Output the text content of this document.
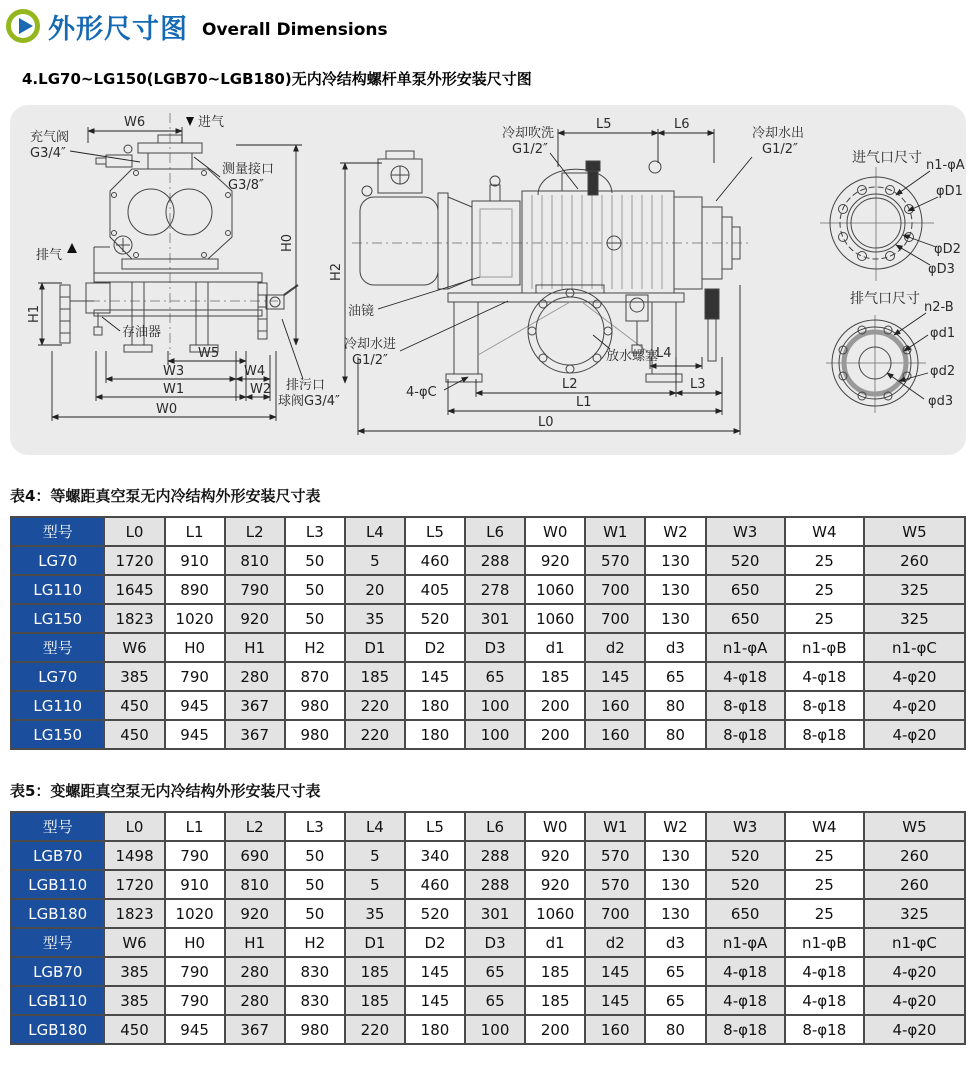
外形尺寸图 Overall Dimensions
4.LG70~LG150(LGB70~LGB180)无内冷结构螺杆单泵外形安装尺寸图
W6	进气
充气阀
G3/4″
测量接口
G3/8″
排气
H0
H1
存油器
W5
W3	W4
W1	W2
W0
排污口
球阀G3/4″
H2
冷却吹洗
G1/2″
L5	L6
冷却水出
G1/2″
油镜
冷却水进
G1/2″	放水螺塞
L4
4-φC
L2	L3
L1
L0
进气口尺寸 n1-φA
φD1
φD2
φD3
排气口尺寸
n2-B
φd1
φd2
φd3
表4：等螺距真空泵无内冷结构外形安装尺寸表
型号	L0	L1	L2	L3	L4	L5	L6	W0	W1	W2	W3	W4	W5
LG70	1720	910	810	50	5	460	288	920	570	130	520	25	260
LG110	1645	890	790	50	20	405	278	1060	700	130	650	25	325
LG150	1823	1020	920	50	35	520	301	1060	700	130	650	25	325
型号	W6	H0	H1	H2	D1	D2	D3	d1	d2	d3	n1-φA	n1-φB	n1-φC
LG70	385	790	280	870	185	145	65	185	145	65	4-φ18	4-φ18	4-φ20
LG110	450	945	367	980	220	180	100	200	160	80	8-φ18	8-φ18	4-φ20
LG150	450	945	367	980	220	180	100	200	160	80	8-φ18	8-φ18	4-φ20
表5：变螺距真空泵无内冷结构外形安装尺寸表
型号	L0	L1	L2	L3	L4	L5	L6	W0	W1	W2	W3	W4	W5
LGB70	1498	790	690	50	5	340	288	920	570	130	520	25	260
LGB110	1720	910	810	50	5	460	288	920	570	130	520	25	260
LGB180	1823	1020	920	50	35	520	301	1060	700	130	650	25	325
型号	W6	H0	H1	H2	D1	D2	D3	d1	d2	d3	n1-φA	n1-φB	n1-φC
LGB70	385	790	280	830	185	145	65	185	145	65	4-φ18	4-φ18	4-φ20
LGB110	385	790	280	830	185	145	65	185	145	65	4-φ18	4-φ18	4-φ20
LGB180	450	945	367	980	220	180	100	200	160	80	8-φ18	8-φ18	4-φ20
